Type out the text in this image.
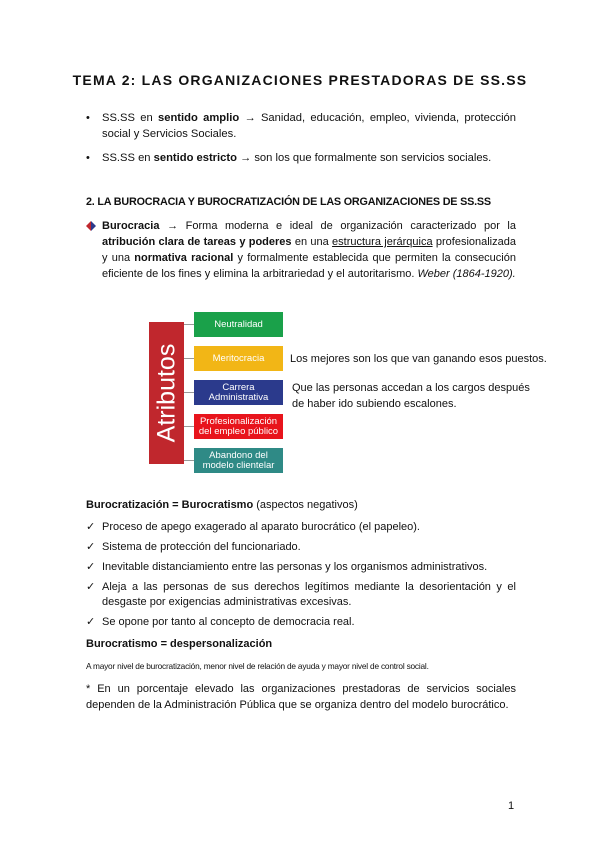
TEMA 2: LAS ORGANIZACIONES PRESTADORAS DE SS.SS
• SS.SS en sentido amplio → Sanidad, educación, empleo, vivienda, protección social y Servicios Sociales.
• SS.SS en sentido estricto → son los que formalmente son servicios sociales.
2. LA BUROCRACIA Y BUROCRATIZACIÓN DE LAS ORGANIZACIONES DE SS.SS

Burocracia → Forma moderna e ideal de organización caracterizado por la atribución clara de tareas y poderes en una estructura jerárquica profesionalizada y una normativa racional y formalmente establecida que permiten la consecución eficiente de los fines y elimina la arbitrariedad y el autoritarismo. Weber (1864-1920).

Atributos
Neutralidad
Meritocracia
Carrera Administrativa
Profesionalización del empleo público
Abandono del modelo clientelar
Los mejores son los que van ganando esos puestos.
Que las personas accedan a los cargos después de haber ido subiendo escalones.
Burocratización = Burocratismo (aspectos negativos)
✓ Proceso de apego exagerado al aparato burocrático (el papeleo).
✓ Sistema de protección del funcionariado.
✓ Inevitable distanciamiento entre las personas y los organismos administrativos.
✓ Aleja a las personas de sus derechos legítimos mediante la desorientación y el desgaste por exigencias administrativas excesivas.
✓ Se opone por tanto al concepto de democracia real.
Burocratismo = despersonalización
A mayor nivel de burocratización, menor nivel de relación de ayuda y mayor nivel de control social.
* En un porcentaje elevado las organizaciones prestadoras de servicios sociales dependen de la Administración Pública que se organiza dentro del modelo burocrático.
1
